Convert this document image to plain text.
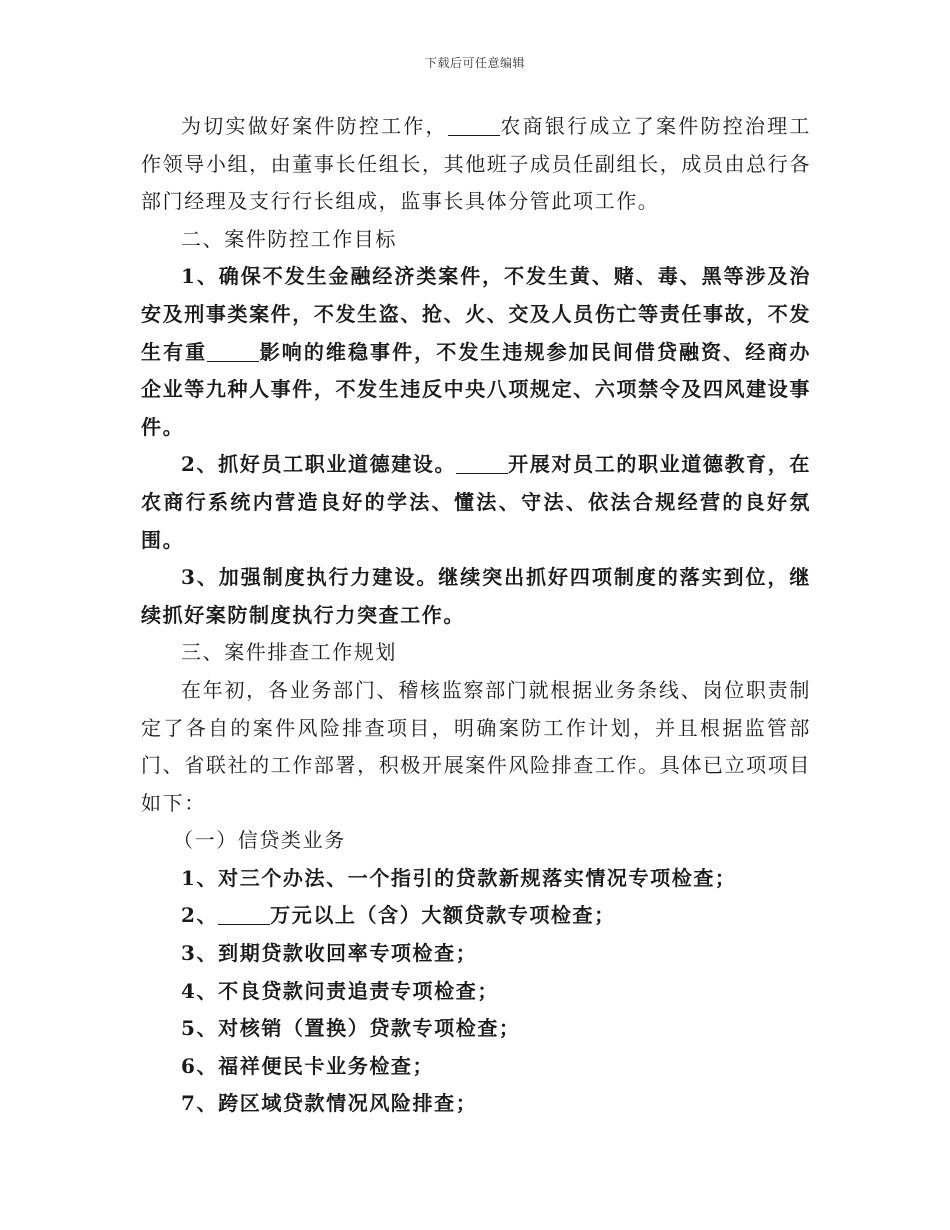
下载后可任意编辑

为切实做好案件防控工作，	农商银行成立了案件防控治理工作领导小组，由董事长任组长，其他班子成员任副组长，成员由总行各部门经理及支行行长组成，监事长具体分管此项工作。

二、案件防控工作目标

1、确保不发生金融经济类案件，不发生黄、赌、毒、黑等涉及治安及刑事类案件，不发生盗、抢、火、交及人员伤亡等责任事故，不发生有重	影响的维稳事件，不发生违规参加民间借贷融资、经商办企业等九种人事件，不发生违反中央八项规定、六项禁令及四风建设事件。

2、抓好员工职业道德建设。	开展对员工的职业道德教育，在农商行系统内营造良好的学法、懂法、守法、依法合规经营的良好氛围。

3、加强制度执行力建设。继续突出抓好四项制度的落实到位，继续抓好案防制度执行力突查工作。

三、案件排查工作规划

在年初，各业务部门、稽核监察部门就根据业务条线、岗位职责制定了各自的案件风险排查项目，明确案防工作计划，并且根据监管部门、省联社的工作部署，积极开展案件风险排查工作。具体已立项项目如下：

（一）信贷类业务

1、对三个办法、一个指引的贷款新规落实情况专项检查；

2、	万元以上（含）大额贷款专项检查；

3、到期贷款收回率专项检查；

4、不良贷款问责追责专项检查；

5、对核销（置换）贷款专项检查；

6、福祥便民卡业务检查；

7、跨区域贷款情况风险排查；
